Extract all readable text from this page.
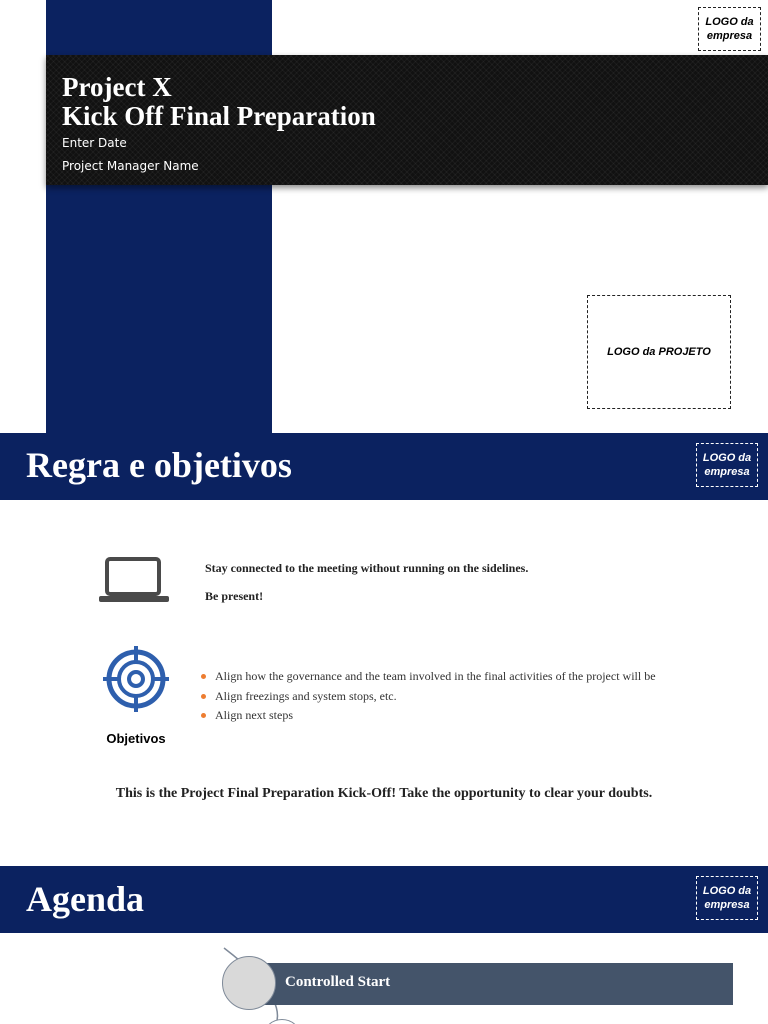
LOGO da
empresa
Project X
Kick Off Final Preparation
Enter Date
Project Manager Name
LOGO da PROJETO
Regra e objetivos	LOGO da
empresa
Stay connected to the meeting without running on the sidelines.
Be present!
Align how the governance and the team involved in the final activities of the project will be
Align freezings and system stops, etc.
Align next steps
Objetivos
This is the Project Final Preparation Kick-Off! Take the opportunity to clear your doubts.
Agenda	LOGO da
empresa
Controlled Start
